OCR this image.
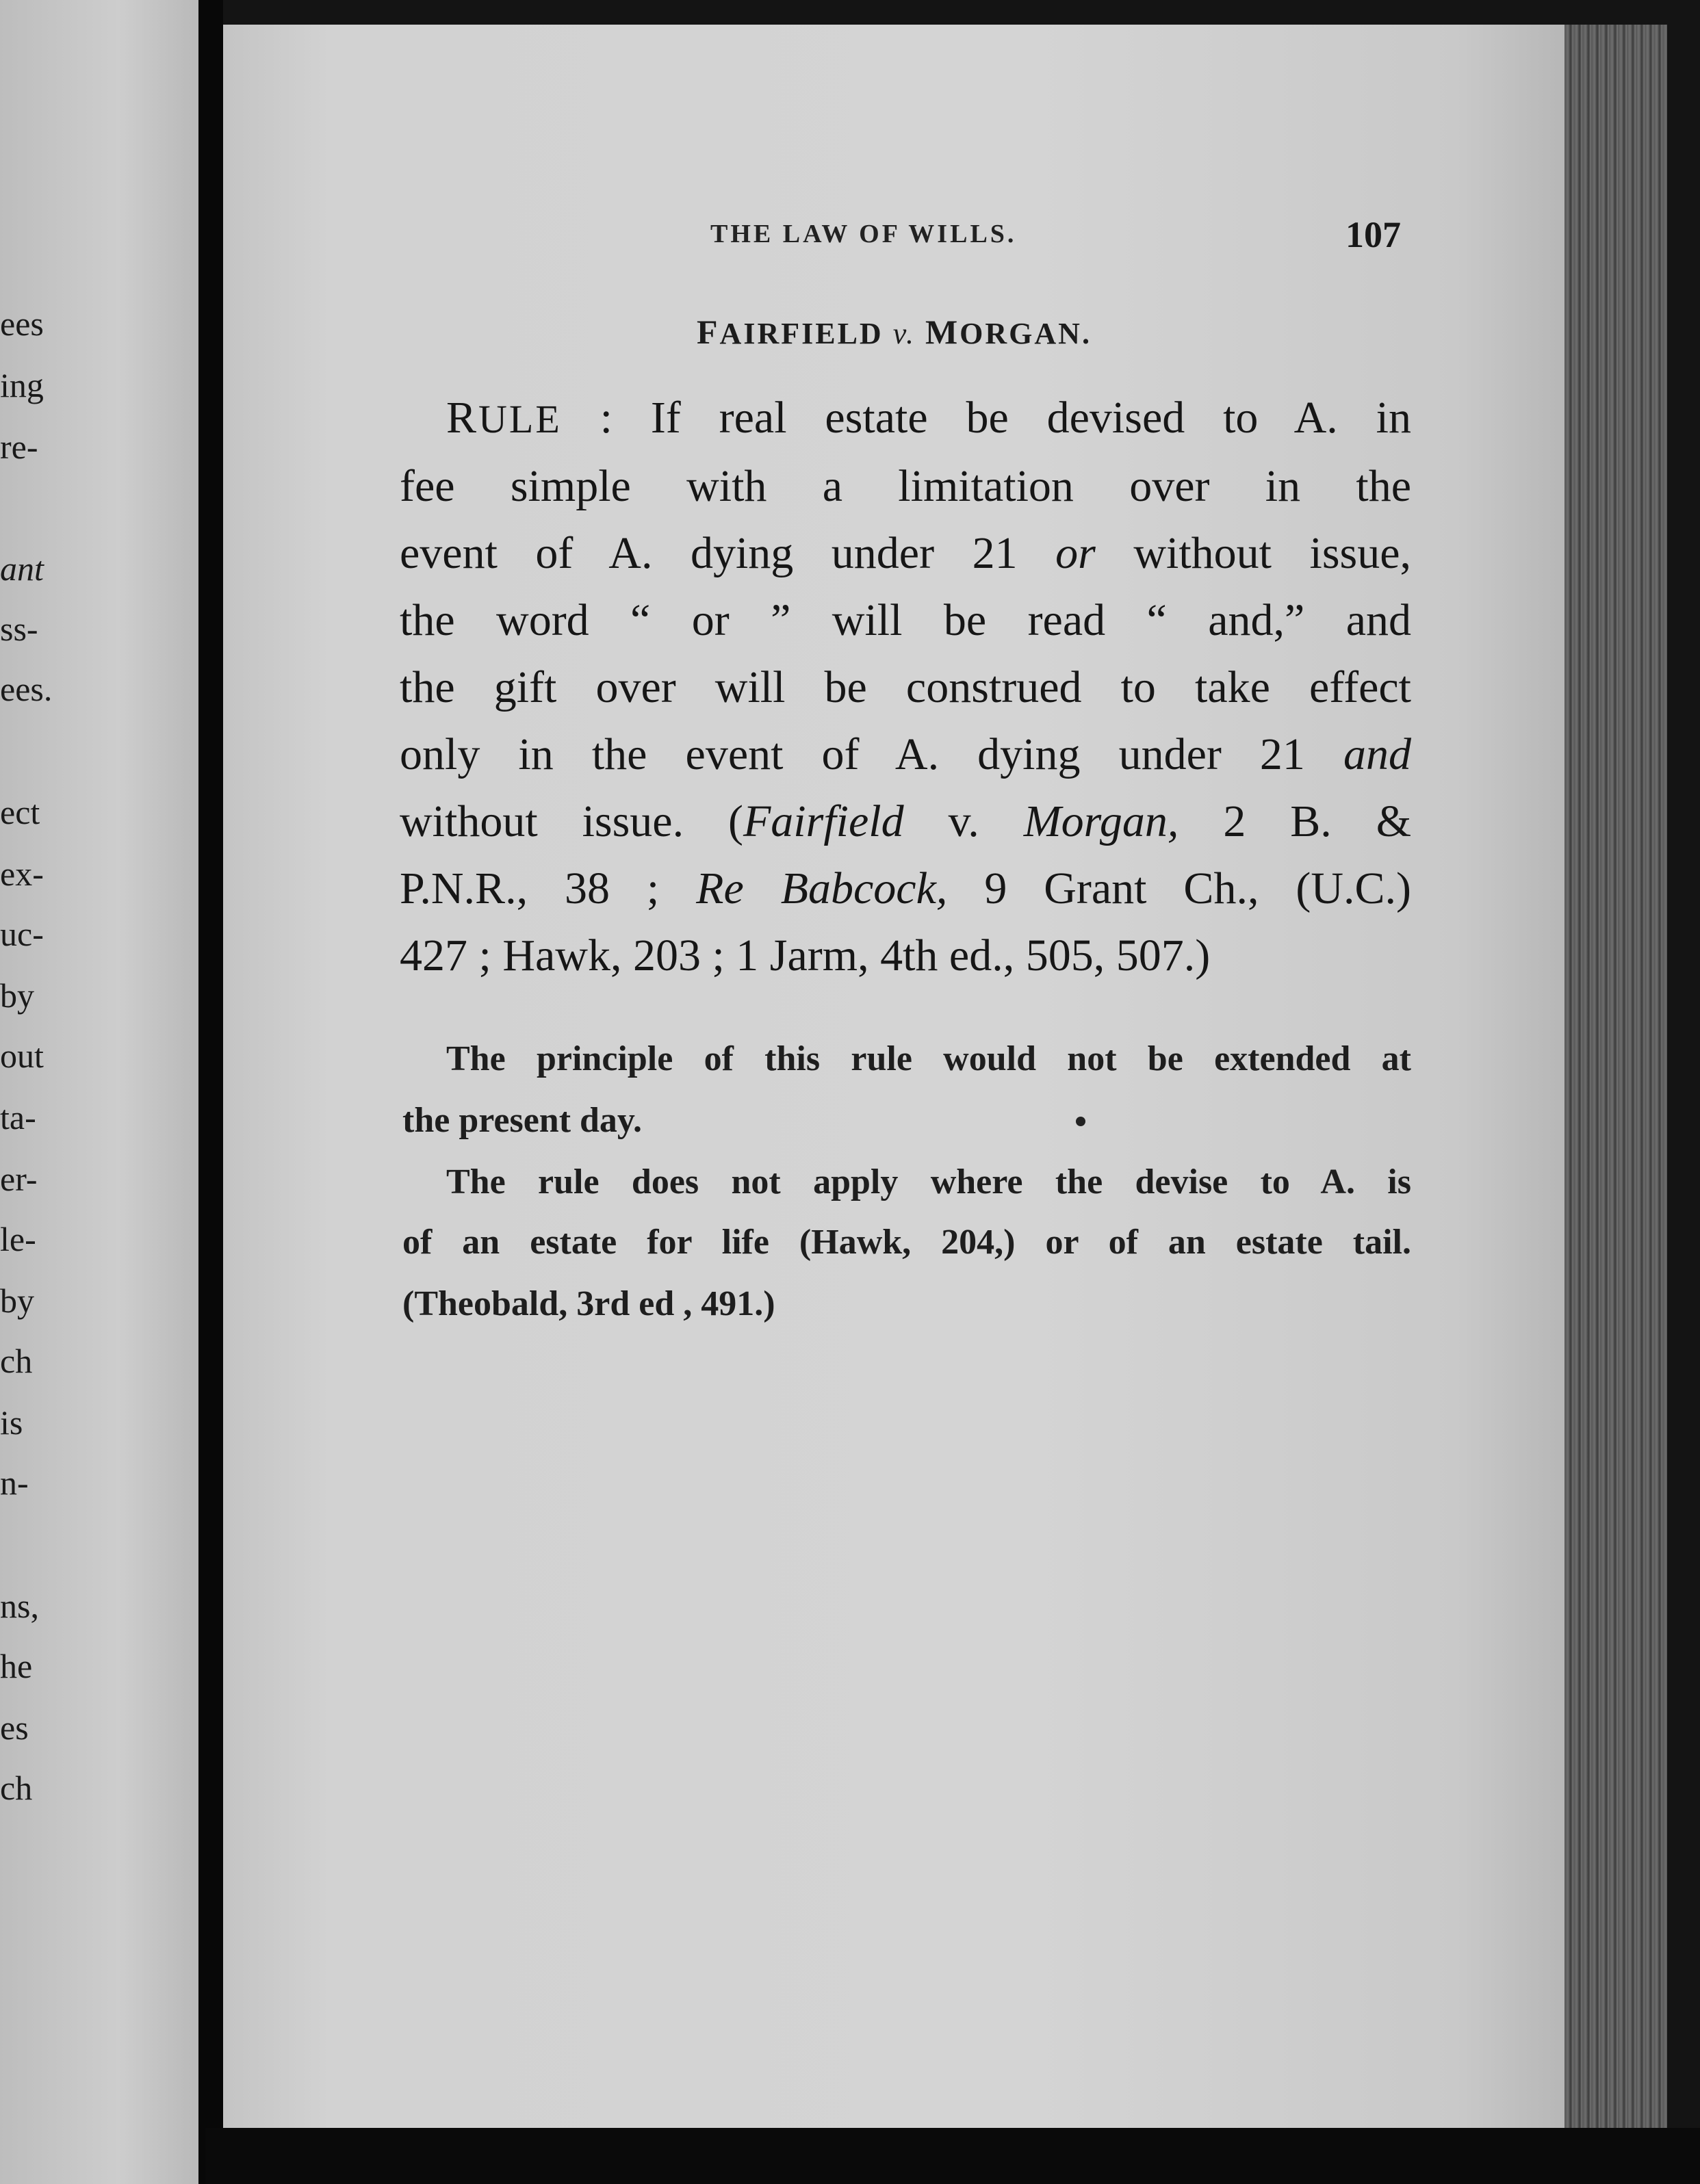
ees
ing
re-
ant
ss-
ees.
ect
ex-
uc-
by
out
ta-
er-
le-
by
ch
is
n-
ns,
he
es
ch
THE LAW OF WILLS.	107
FAIRFIELD v. MORGAN.
RULE : If real estate be devised to A. in
fee simple with a limitation over in the
event of A. dying under 21 or without issue,
the word “ or ” will be read “ and,” and
the gift over will be construed to take effect
only in the event of A. dying under 21 and
without issue. (Fairfield v. Morgan, 2 B. &
P.N.R., 38 ; Re Babcock, 9 Grant Ch., (U.C.)
427 ; Hawk, 203 ; 1 Jarm, 4th ed., 505, 507.)
The principle of this rule would not be extended at
the present day.
The rule does not apply where the devise to A. is
of an estate for life (Hawk, 204,) or of an estate tail.
(Theobald, 3rd ed , 491.)
